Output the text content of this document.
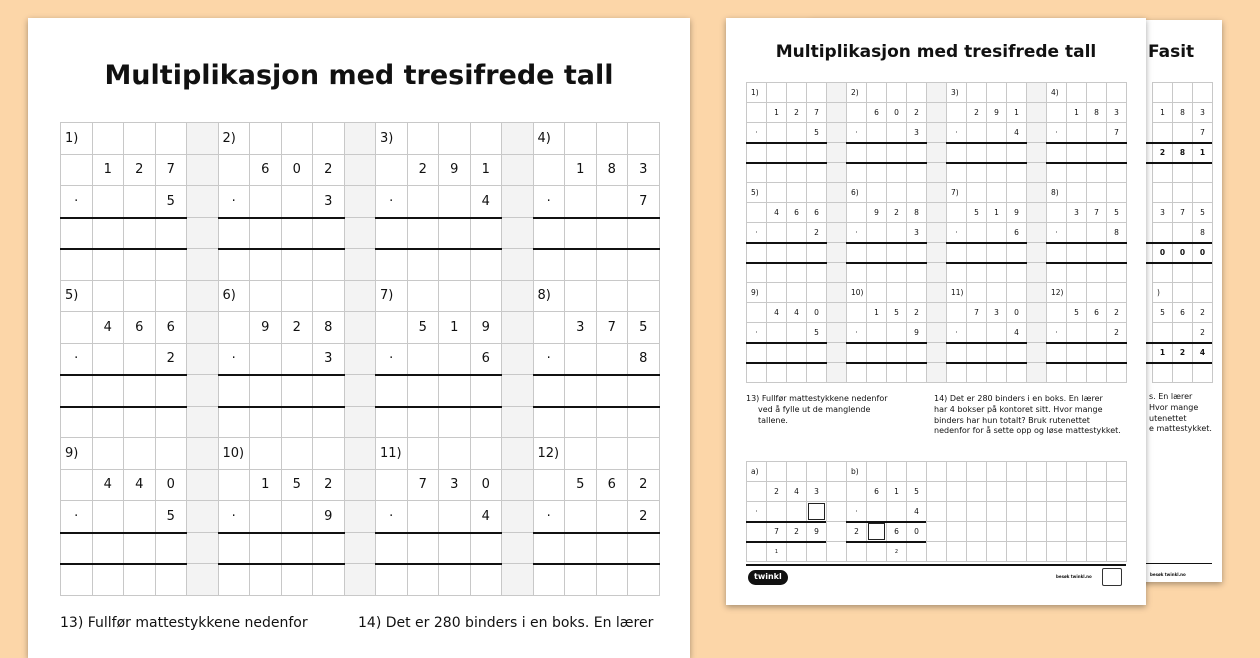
Fasit
1	8	3
7
2	8	1
3	7	5
8
0	0	0
)
5	6	2
2
1	2	4
s. En lærer
Hvor mange
utenettet
e mattestykket.
besøk twinkl.no
Multiplikasjon med tresifrede tall
1)
1	2	7
·	5
2)
6	0	2
·	3
3)
2	9	1
·	4
4)
1	8	3
·	7
5)
4	6	6
·	2
6)
9	2	8
·	3
7)
5	1	9
·	6
8)
3	7	5
·	8
9)
4	4	0
·	5
10)
1	5	2
·	9
11)
7	3	0
·	4
12)
5	6	2
·	2
13) Fullfør mattestykkene nedenfor	14) Det er 280 binders i en boks. En lærer
Multiplikasjon med tresifrede tall
1)
1	2	7
·	5
2)
6	0	2
·	3
3)
2	9	1
·	4
4)
1	8	3
·	7
5)
4	6	6
·	2
6)
9	2	8
·	3
7)
5	1	9
·	6
8)
3	7	5
·	8
9)
4	4	0
·	5
10)
1	5	2
·	9
11)
7	3	0
·	4
12)
5	6	2
·	2
13) Fullfør mattestykkene nedenfor
ved å fylle ut de manglende
tallene.
14) Det er 280 binders i en boks. En lærer
har 4 bokser på kontoret sitt. Hvor mange
binders har hun totalt? Bruk rutenettet
nedenfor for å sette opp og løse mattestykket.
a)
2	4	3
·
7	2	9
1
b)
6	1	5
·	4
2	6	0
2
twinkl	besøk twinkl.no
